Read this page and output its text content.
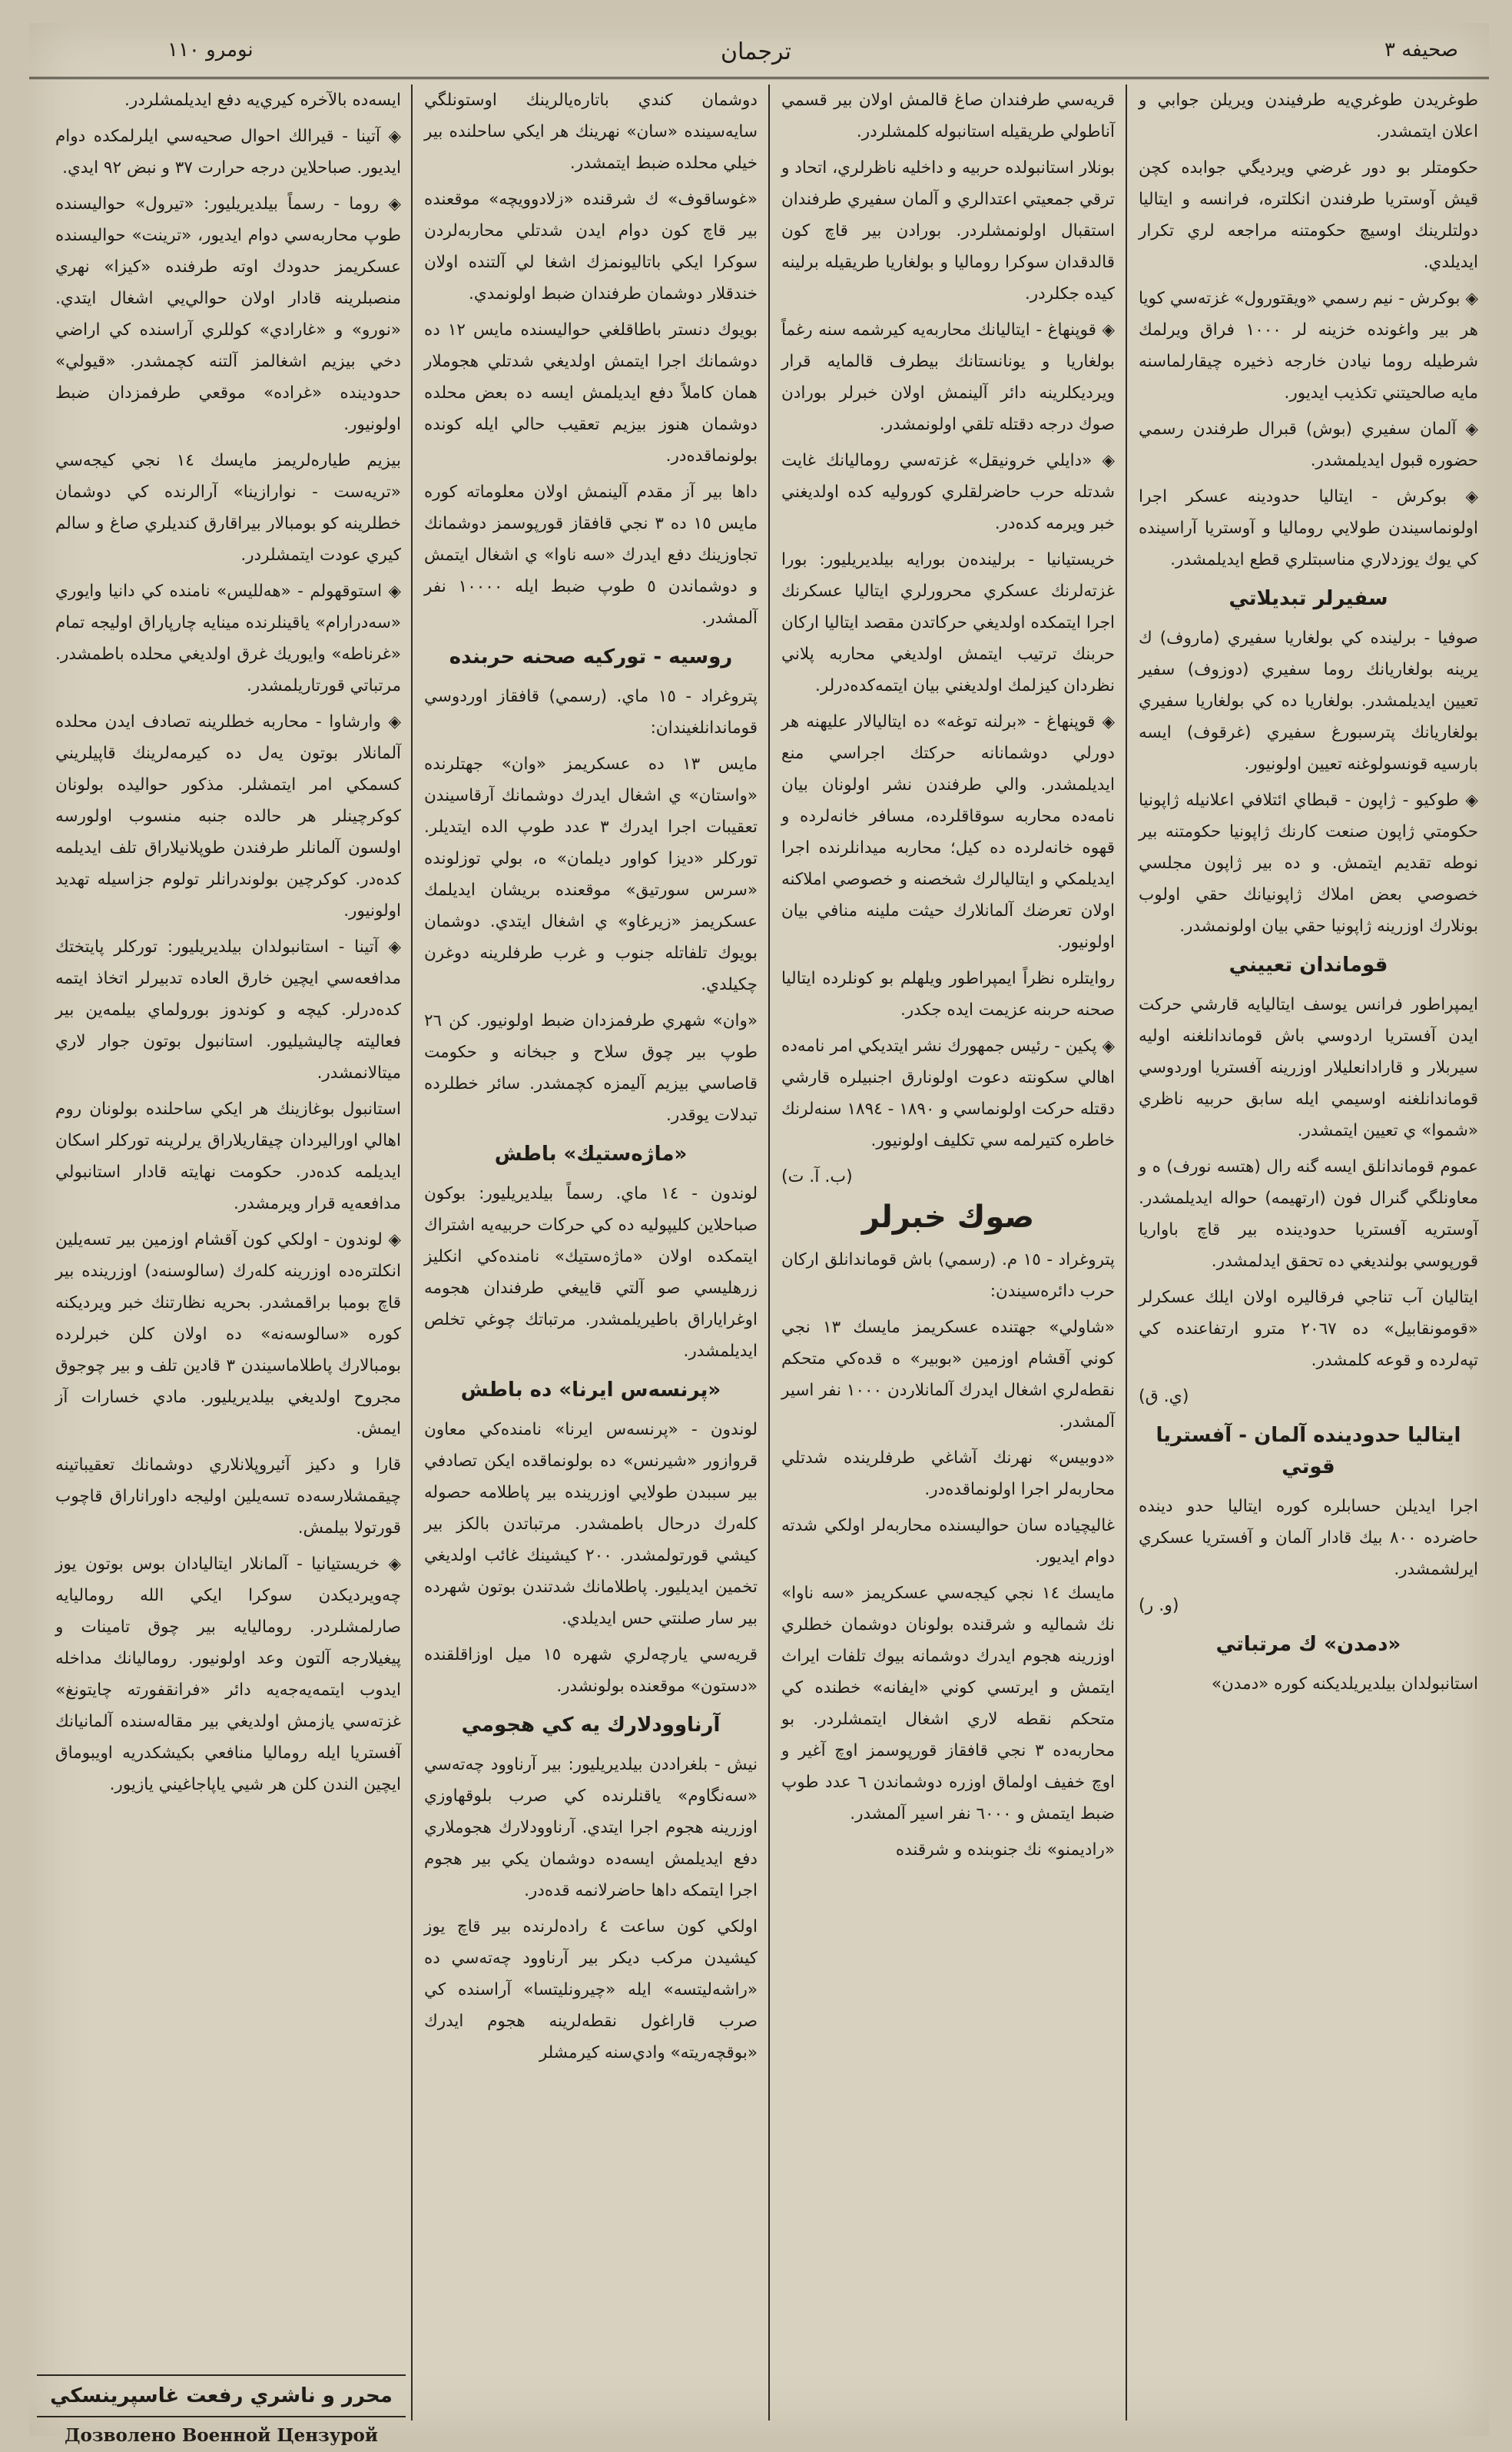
صحيفه ٣
ترجمان
نومرو ١١٠

طوغريدن طوغري‌يه طرفيندن ويريلن جوابي و اعلان ايتمشدر.

حكومتلر بو دور غرضي ويرديگي جوابده كچن قيش آوستريا طرفندن انكلتره، فرانسه و ايتاليا دولتلرينك اوسيچ حكومتنه مراجعه لري تكرار ايديلدي.

◈ بوكرش - نيم رسمي «ويقتورول» غزته‌سي كويا هر بير واغونده خزينه لر ١٠٠٠ فراق ويرلمك شرطيله روما نيادن خارجه ذخيره چيقارلماسنه مايه صالحيتني تكذيب ايديور.

◈ آلمان سفيري (بوش) قبرال طرفندن رسمي حضوره قبول ايديلمشدر.

◈ بوكرش - ايتاليا حدودينه عسكر اجرا اولونماسيندن طولايي روماليا و آوستريا آراسينده كي يوك يوزدلاري مناسبتلري قطع ايديلمشدر.

سفيرلر تبديلاتي

صوفيا - برلينده كي بولغاريا سفيري (ماروف) ك يرينه بولغاريانك روما سفيري (دوزوف) سفير تعيين ايديلمشدر. بولغاريا ده كي بولغاريا سفيري بولغاريانك پترسبورغ سفيري (غرقوف) ايسه بارسيه قونسولوغنه تعيين اولونيور.

◈ طوكيو - ژاپون - قبطاي ائتلافي اعلانيله ژاپونيا حكومتي ژاپون صنعت كارنك ژاپونيا حكومتنه بير نوطه تقديم ايتمش. و ده بير ژاپون مجلسي خصوصي بعض املاك ژاپونيانك حقي اولوب بونلارك اوزرينه ژاپونيا حقي بيان اولونمشدر.

قوماندان تعييني

ايمپراطور فرانس يوسف ايتاليايه قارشي حركت ايدن آفستريا اردوسي باش قوماندانلغنه اوليه سيربلار و قارادانعلیلار اوزرينه آفستريا اوردوسي قوماندانلغنه اوسيمي ايله سابق حربيه ناظري «شموا» ي تعيين ايتمشدر.

عموم قوماندانلق ايسه گنه رال (هتسه نورف) ه و معاونلگي گنرال فون (ارتهيمه) حواله ايديلمشدر. آوستريه آفستريا حدودينده بير قاچ باواريا قورپوسي بولنديغي ده تحقق ايدلمشدر.

ايتاليان آب تناجي فرقاليره اولان ايلك عسكرلر «قومونقابيل» ده ٢٠٦٧ مترو ارتفاعنده كي تپه‌لرده و قوعه كلمشدر.

(ي. ق)

ايتاليا حدودينده آلمان - آفستريا قوتي

اجرا ايديلن حسابلره كوره ايتاليا حدو دينده حاضرده ٨٠٠ بيك قادار آلمان و آفستريا عسكري ايرلشمشدر.

(و. ر)

«دمدن» ك مرتباتي

استانبولدان بيلديريلديكنه كوره «دمدن»

قريه‌سي طرفندان صاغ قالمش اولان بير قسمي آناطولي طريقيله استانبوله كلمشلردر.

بونلار استانبولده حربيه و داخليه ناظرلري، اتحاد و ترقي جمعيتي اعتدالري و آلمان سفيري طرفندان استقبال اولونمشلردر. بورادن بير قاچ كون قالدقدان سوكرا روماليا و بولغاريا طريقيله برلينه كيده جكلردر.

◈ قوپنهاغ - ايتاليانك محاربه‌يه كيرشمه سنه رغماً بولغاريا و يونانستانك بيطرف قالمايه قرار ويرديكلرينه دائر آلينمش اولان خبرلر بورادن صوك درجه دقتله تلقي اولونمشدر.

◈ «دايلي خرونيقل» غزته‌سي روماليانك غايت شدتله حرب حاضرلقلري كوروليه كده اولديغني خبر ويرمه كده‌در.

خريستيانيا - برلينده‌ن بورايه بيلديريليور: بورا غزته‌لرنك عسكري محرورلري ايتاليا عسكرنك اجرا ايتمكده اولديغي حركاتدن مقصد ايتاليا اركان حربنك ترتيب ايتمش اولديغي محاربه پلاني نظردان كيزلمك اولديغني بيان ايتمه‌كده‌درلر.

◈ قوپنهاغ - «برلنه توغه» ده ايتاليالار عليهنه هر دورلي دوشمانانه حركتك اجراسي منع ايديلمشدر. والي طرفندن نشر اولونان بيان نامه‌ده محاربه سوقاقلرده، مسافر خانه‌لرده و قهوه خانه‌لرده ده كيل؛ محاربه ميدانلرنده اجرا ايديلمكي و ايتاليالرك شخصنه و خصوصي املاكنه اولان تعرضك آلمانلارك حيثت ملينه منافي بيان اولونيور.

روايتلره نظراً ايمپراطور ويلهلم بو كونلرده ايتاليا صحنه حربنه عزيمت ايده جكدر.

◈ پكين - رئيس جمهورك نشر ايتديكي امر نامه‌ده اهالي سكونته دعوت اولونارق اجنبيلره قارشي دقتله حركت اولونماسي و ١٨٩٠ - ١٨٩٤ سنه‌لرنك خاطره كتيرلمه سي تكليف اولونيور.

(ب. آ. ت)

صوك خبرلر

پتروغراد - ١٥ م. (رسمي) باش قوماندانلق اركان حرب دائره‌سيندن:

«شاولي» جهتنده عسكريمز مايسك ١٣ نجي كوني آقشام اوزمين «بوبير» ه قده‌كي متحكم نقطه‌لري اشغال ايدرك آلمانلاردن ١٠٠٠ نفر اسير آلمشدر.

«دوبيس» نهرنك آشاغي طرفلرينده شدتلي محاربه‌لر اجرا اولونماقده‌در.

غاليچياده سان حواليسنده محاربه‌لر اولكي شدته دوام ايديور.

مايسك ١٤ نجي كيجه‌سي عسكريمز «سه ناوا» نك شماليه و شرقنده بولونان دوشمان خطلري اوزرينه هجوم ايدرك دوشمانه بيوك تلفات ايراث ايتمش و ايرتسي كوني «ايفانه» خطنده كي متحكم نقطه لاري اشغال ايتمشلردر. بو محاربه‌ده ٣ نجي قافقاز قورپوسمز اوچ آغير و اوچ خفيف اولماق اوزره دوشماندن ٦ عدد طوپ ضبط ايتمش و ٦٠٠٠ نفر اسير آلمشدر.

«راديمنو» نك جنوبنده و شرقنده

دوشمان كندي باتاره‌يالرينك اوستونلگي سايه‌سينده «سان» نهرينك هر ايكي ساحلنده بير خيلي محلده ضبط ايتمشدر.

«غوساقوف» ك شرقنده «زلادوويچه» موقعنده بير قاچ كون دوام ايدن شدتلي محاربه‌لردن سوكرا ايكي باتاليونمزك اشغا لي آلتنده اولان خندقلار دوشمان طرفندان ضبط اولونمدي.

بويوك دنستر باطاقلغي حواليسنده مايس ١٢ ده دوشمانك اجرا ايتمش اولديغي شدتلي هجوملار همان كاملاً دفع ايديلمش ايسه ده بعض محلده دوشمان هنوز بيزيم تعقيب حالي ايله كونده بولونماقده‌در.

داها بير آز مقدم آلينمش اولان معلوماته كوره مايس ١٥ ده ٣ نجي قافقاز قورپوسمز دوشمانك تجاوزينك دفع ايدرك «سه ناوا» ي اشغال ايتمش و دوشماندن ٥ طوپ ضبط ايله ١٠٠٠٠ نفر آلمشدر.

روسيه - توركيه صحنه حربنده

پتروغراد - ١٥ ماي. (رسمي) قافقاز اوردوسي قوماندانلغيندان:

مايس ١٣ ده عسكريمز «وان» جهتلرنده «واستان» ي اشغال ايدرك دوشمانك آرقاسيندن تعقيبات اجرا ايدرك ٣ عدد طوپ الده ايتديلر. توركلر «ديزا كواور ديلمان» ه، بولي توزلونده «سرس سورتيق» موقعنده بريشان ايديلمك عسكريمز «زيرغاو» ي اشغال ايتدي. دوشمان بويوك تلفاتله جنوب و غرب طرفلرينه دوغرن چكيلدي.

«وان» شهري طرفمزدان ضبط اولونيور. كن ٢٦ طوپ بير چوق سلاح و جبخانه و حكومت قاصاسي بيزيم آليمزه كچمشدر. سائر خطلرده تبدلات يوقدر.

«ماژه‌ستيك» باطش

لوندون - ١٤ ماي. رسماً بيلديريليور: بوكون صباحلاين كليپوليه ده كي حركات حربيه‌يه اشتراك ايتمكده اولان «ماژه‌ستيك» نامنده‌كي انكليز زرهليسي صو آلتي قاييغي طرفندان هجومه اوغراياراق باطيريلمشدر. مرتباتك چوغي تخلص ايديلمشدر.

«پرنسه‌س ايرنا» ده باطش

لوندون - «پرنسه‌س ايرنا» نامنده‌كي معاون قروازور «شيرنس» ده بولونماقده ايكن تصادفي بير سببدن طولايي اوزرينده بير پاطلامه حصوله كله‌رك درحال باطمشدر. مرتباتدن بالكز بير كيشي قورتولمشدر. ٢٠٠ كيشينك غائب اولديغي تخمين ايديليور. پاطلامانك شدتندن بوتون شهرده بير سار صلنتي حس ايديلدي.

قريه‌سي يارچه‌لري شهره ١٥ ميل اوزاقلقنده «دستون» موقعنده بولونشدر.

آرناوودلارك يه كي هجومي

نيش - بلغراددن بيلديريليور: بير آرناوود چه‌ته‌سي «سه‌نگاوم» ياقنلرنده كي صرب بلوقهاوزي اوزرينه هجوم اجرا ايتدي. آرناوودلارك هجوملاري دفع ايديلمش ايسه‌ده دوشمان يكي بير هجوم اجرا ايتمكه داها حاضرلانمه قده‌در.

اولكي كون ساعت ٤ راده‌لرنده بير قاچ يوز كيشيدن مركب ديكر بير آرناوود چه‌ته‌سي ده «راشه‌ليتسه» ايله «چيرونليتسا» آراسنده كي صرب قاراغول نقطه‌لرينه هجوم ايدرك «بوقچه‌ريته» وادي‌سنه كيرمشلر

ايسه‌ده بالآخره كيري‌يه دفع ايديلمشلردر.

◈ آتينا - قيرالك احوال صحيه‌سي ايلرلمكده دوام ايديور. صباحلاين درجه حرارت ٣٧ و نبض ٩٢ ايدي.

◈ روما - رسماً بيلديريليور: «تيرول» حواليسنده طوپ محاربه‌سي دوام ايديور، «ترينت» حواليسنده عسكريمز حدودك اوته طرفنده «كيزا» نهري منصبلرينه قادار اولان حوالي‌يي اشغال ايتدي. «نورو» و «غارادي» كوللري آراسنده كي اراضي دخي بيزيم اشغالمز آلتنه كچمشدر. «قيولي» حدودينده «غراده» موقعي طرفمزدان ضبط اولونيور.

بيزيم طياره‌لريمز مايسك ١٤ نجي كيجه‌سي «تريه‌ست - نوارازينا» آرالرنده كي دوشمان خطلرينه كو بومبالار بيراقارق كنديلري صاغ و سالم كيري عودت ايتمشلردر.

◈ استوقهولم - «هەلليس» نامنده كي دانيا وايوري «سەدرارام» ياقينلرنده مينايه چارپاراق اوليجه تمام «غرناطه» وايوريك غرق اولديغي محلده باطمشدر. مرتباتي قورتاريلمشدر.

◈ وارشاوا - محاربه خطلرينه تصادف ايدن محلده آلمانلار بوتون يه‌ل ده كيرمه‌لرينك قاپيلريني كسمكي امر ايتمشلر. مذكور حواليده بولونان كوكرچينلر هر حالده جنبه منسوب اولورسه اولسون آلمانلر طرفندن طوپلانيلاراق تلف ايديلمه كده‌در. كوكرچين بولوندرانلر تولوم جزاسيله تهديد اولونيور.

◈ آتينا - استانبولدان بيلديريليور: توركلر پايتختك مدافعه‌سي ايچين خارق العاده تدبيرلر اتخاذ ايتمه كده‌درلر. كيچه و كوندوز بورولماي بيلمه‌ين بير فعاليته چاليشيليور. استانبول بوتون جوار لاري ميتالانمشدر.

استانبول بوغازينك هر ايكي ساحلنده بولونان روم اهالي اوراليردان چيقاريلاراق يرلرينه توركلر اسكان ايديلمه كده‌در. حكومت نهايته قادار استانبولي مدافعه‌يه قرار ويرمشدر.

◈ لوندون - اولكي كون آقشام اوزمين بير تسه‌يلين انكلتره‌ده اوزرينه كله‌رك (سالوسنه‌د) اوزرينده بير قاچ بومبا براقمشدر. بحريه نظارتنك خبر ويرديكنه كوره «سالوسه‌نه» ده اولان كلن خبرلرده بومبالارك پاطلاماسيندن ٣ قادين تلف و بير چوجوق مجروح اولديغي بيلديريليور. مادي خسارات آز ايمش.

قارا و دكيز آئيروپلانلاري دوشمانك تعقيباتينه چيقمشلارسه‌ده تسه‌يلين اوليجه داوراناراق قاچوب قورتولا بيلمش.

◈ خريستيانيا - آلمانلار ايتاليادان بوس بوتون يوز چه‌ويرديكدن سوكرا ايكي الله روماليايه صارلمشلردر. روماليايه بير چوق تامينات و پيغيلارجه آلتون وعد اولونيور. روماليانك مداخله ايدوب ايتمه‌يه‌جه‌يه دائر «فرانقفورته چايتونغ» غزته‌سي يازمش اولديغي بير مقاله‌سنده آلمانيانك آفستريا ايله روماليا منافعي بكيشكدريه اويبوماق ايچين الندن كلن هر شيي ياپاجاغيني يازيور.

محرر و ناشري رفعت غاسپرينسكي
Дозволено Военной Цензурой
